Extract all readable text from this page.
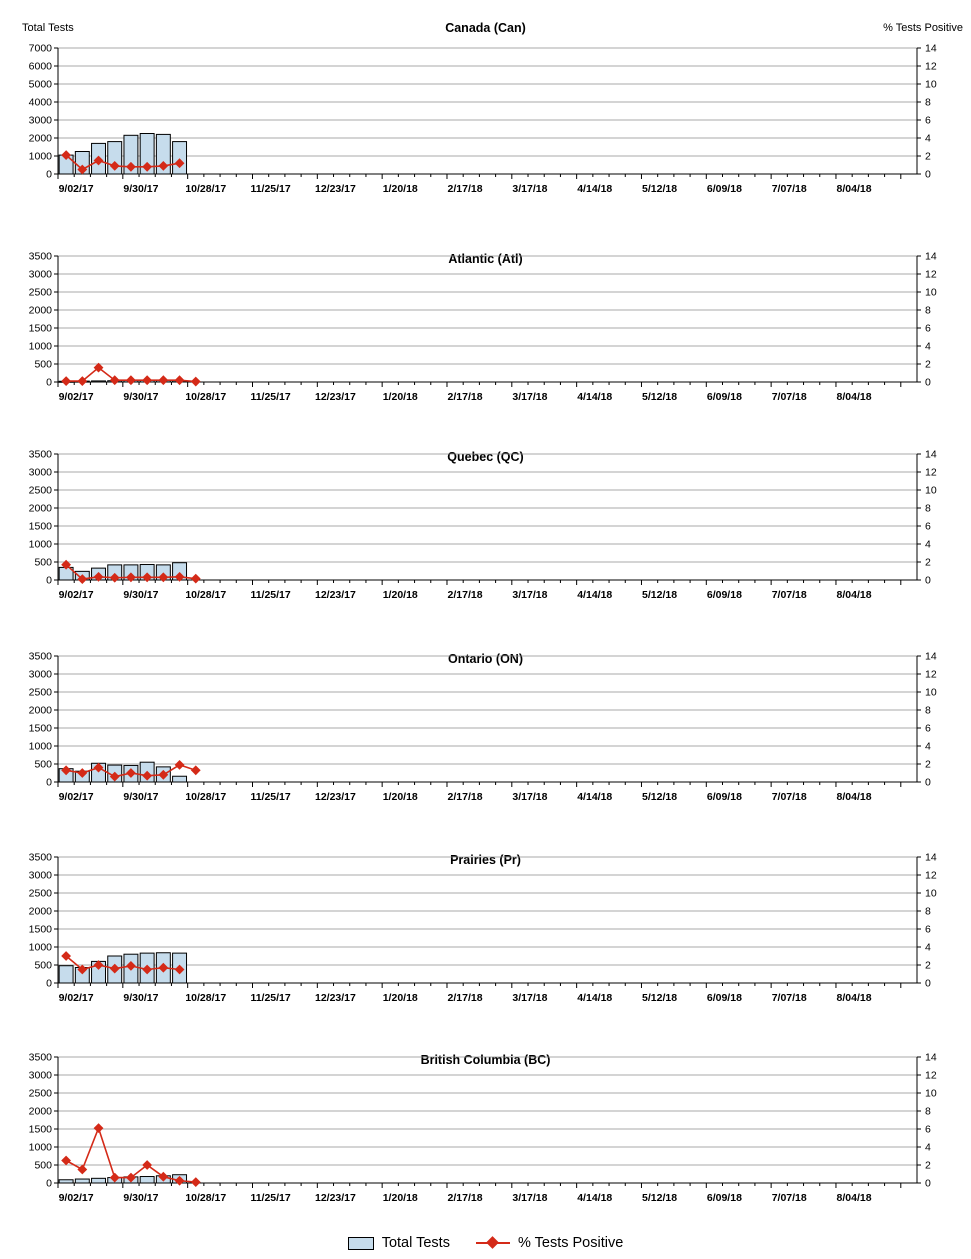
Total Tests	% Tests Positive
Canada (Can)
0
1000
2000
3000
4000
5000
6000
7000
0
2
4
6
8
10
12
14
9/02/17	9/30/17	10/28/17 11/25/17 12/23/17	1/20/18	2/17/18	3/17/18	4/14/18	5/12/18	6/09/18	7/07/18	8/04/18
Atlantic (Atl)
0
500
1000
1500
2000
2500
3000
3500
0
2
4
6
8
10
12
14
9/02/17	9/30/17	10/28/17 11/25/17 12/23/17	1/20/18	2/17/18	3/17/18	4/14/18	5/12/18	6/09/18	7/07/18	8/04/18
Quebec (QC)
0
500
1000
1500
2000
2500
3000
3500
0
2
4
6
8
10
12
14
9/02/17	9/30/17	10/28/17 11/25/17 12/23/17	1/20/18	2/17/18	3/17/18	4/14/18	5/12/18	6/09/18	7/07/18	8/04/18
Ontario (ON)
0
500
1000
1500
2000
2500
3000
3500
0
2
4
6
8
10
12
14
9/02/17	9/30/17	10/28/17 11/25/17 12/23/17	1/20/18	2/17/18	3/17/18	4/14/18	5/12/18	6/09/18	7/07/18	8/04/18
Prairies (Pr)
0
500
1000
1500
2000
2500
3000
3500
0
2
4
6
8
10
12
14
9/02/17	9/30/17	10/28/17 11/25/17 12/23/17	1/20/18	2/17/18	3/17/18	4/14/18	5/12/18	6/09/18	7/07/18	8/04/18
British Columbia (BC)
0
500
1000
1500
2000
2500
3000
3500
0
2
4
6
8
10
12
14
9/02/17	9/30/17	10/28/17 11/25/17 12/23/17	1/20/18	2/17/18	3/17/18	4/14/18	5/12/18	6/09/18	7/07/18	8/04/18
Total Tests	% Tests Positive
